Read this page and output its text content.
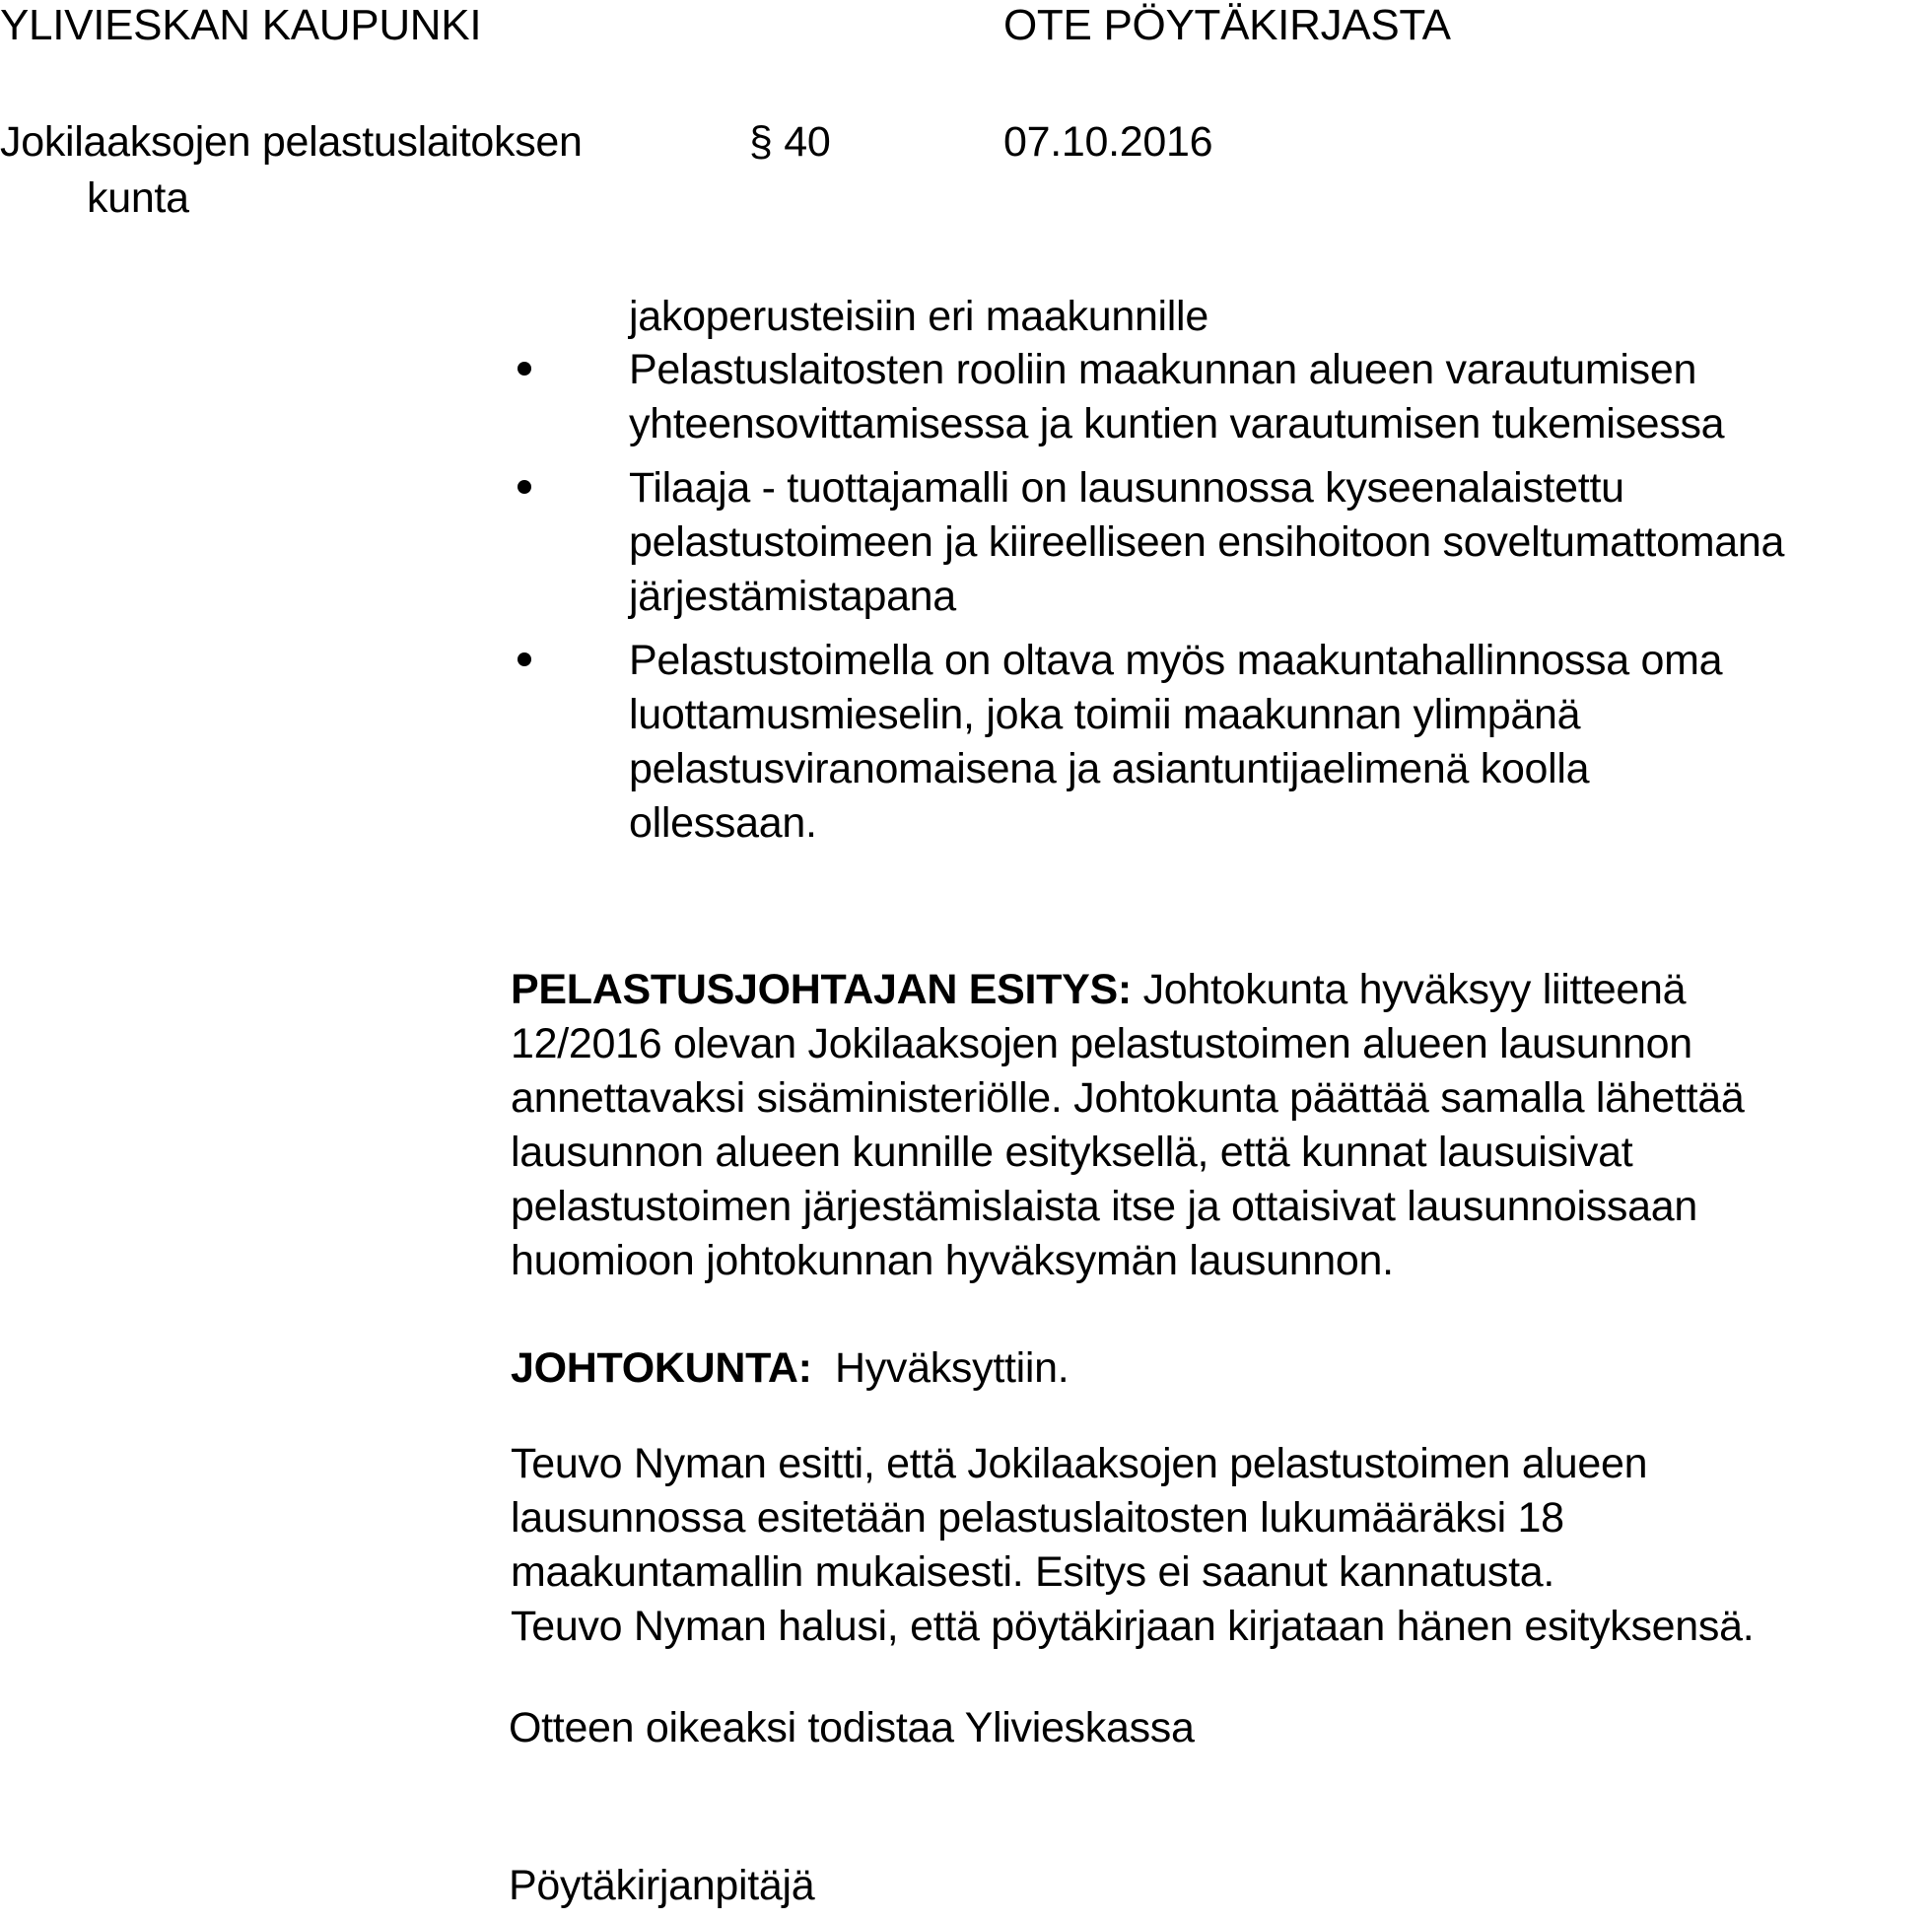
YLIVIESKAN KAUPUNKI	OTE PÖYTÄKIRJASTA
Jokilaaksojen pelastuslaitoksen
kunta
§ 40	07.10.2016
jakoperusteisiin eri maakunnille
Pelastuslaitosten rooliin maakunnan alueen varautumisen
yhteensovittamisessa ja kuntien varautumisen tukemisessa
Tilaaja - tuottajamalli on lausunnossa kyseenalaistettu
pelastustoimeen ja kiireelliseen ensihoitoon soveltumattomana
järjestämistapana
Pelastustoimella on oltava myös maakuntahallinnossa oma
luottamusmieselin, joka toimii maakunnan ylimpänä
pelastusviranomaisena ja asiantuntijaelimenä koolla
ollessaan.
PELASTUSJOHTAJAN ESITYS: Johtokunta hyväksyy liitteenä
12/2016 olevan Jokilaaksojen pelastustoimen alueen lausunnon
annettavaksi sisäministeriölle. Johtokunta päättää samalla lähettää
lausunnon alueen kunnille esityksellä, että kunnat lausuisivat
pelastustoimen järjestämislaista itse ja ottaisivat lausunnoissaan
huomioon johtokunnan hyväksymän lausunnon.
JOHTOKUNTA: Hyväksyttiin.
Teuvo Nyman esitti, että Jokilaaksojen pelastustoimen alueen
lausunnossa esitetään pelastuslaitosten lukumääräksi 18
maakuntamallin mukaisesti. Esitys ei saanut kannatusta.
Teuvo Nyman halusi, että pöytäkirjaan kirjataan hänen esityksensä.
Otteen oikeaksi todistaa Ylivieskassa
Pöytäkirjanpitäjä
